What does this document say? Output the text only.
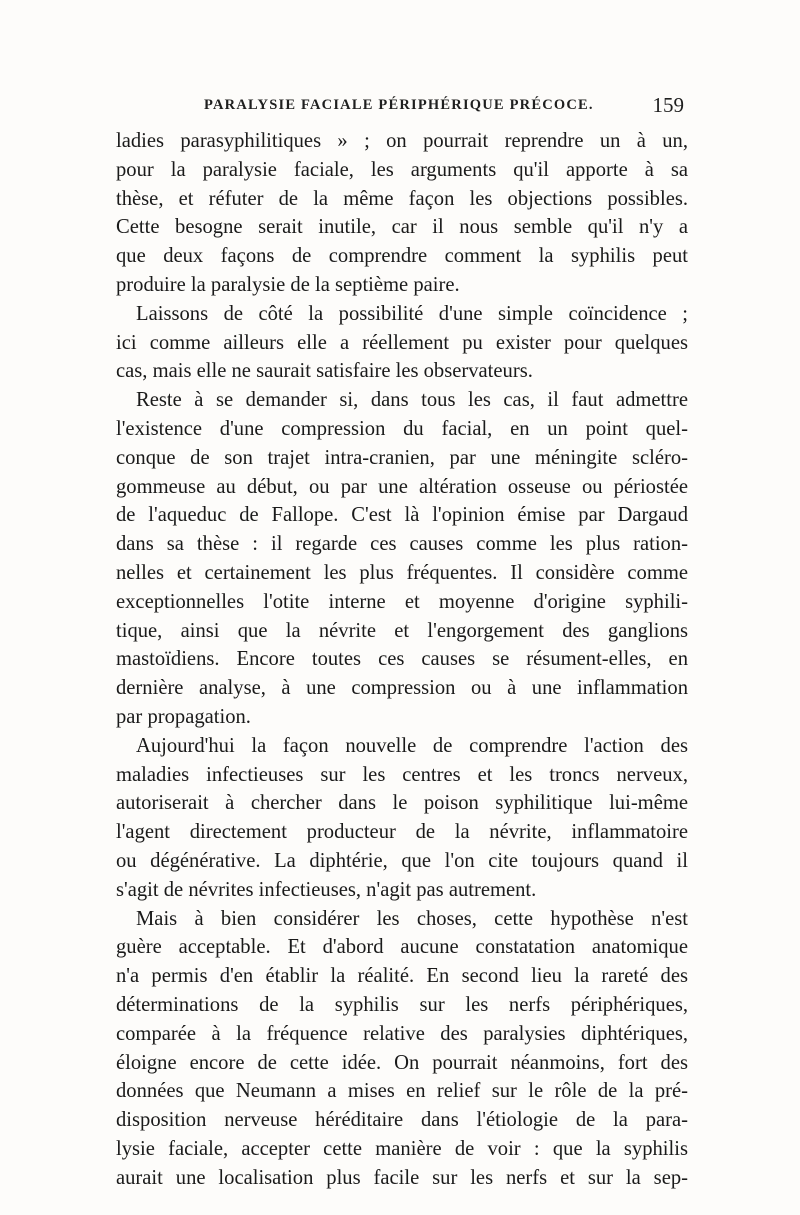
PARALYSIE FACIALE PÉRIPHÉRIQUE PRÉCOCE.	159
ladies parasyphilitiques » ; on pourrait reprendre un à un,
pour la paralysie faciale, les arguments qu'il apporte à sa
thèse, et réfuter de la même façon les objections possibles.
Cette besogne serait inutile, car il nous semble qu'il n'y a
que deux façons de comprendre comment la syphilis peut
produire la paralysie de la septième paire.
Laissons de côté la possibilité d'une simple coïncidence ;
ici comme ailleurs elle a réellement pu exister pour quelques
cas, mais elle ne saurait satisfaire les observateurs.
Reste à se demander si, dans tous les cas, il faut admettre
l'existence d'une compression du facial, en un point quel-
conque de son trajet intra-cranien, par une méningite scléro-
gommeuse au début, ou par une altération osseuse ou périostée
de l'aqueduc de Fallope. C'est là l'opinion émise par Dargaud
dans sa thèse : il regarde ces causes comme les plus ration-
nelles et certainement les plus fréquentes. Il considère comme
exceptionnelles l'otite interne et moyenne d'origine syphili-
tique, ainsi que la névrite et l'engorgement des ganglions
mastoïdiens. Encore toutes ces causes se résument-elles, en
dernière analyse, à une compression ou à une inflammation
par propagation.
Aujourd'hui la façon nouvelle de comprendre l'action des
maladies infectieuses sur les centres et les troncs nerveux,
autoriserait à chercher dans le poison syphilitique lui-même
l'agent directement producteur de la névrite, inflammatoire
ou dégénérative. La diphtérie, que l'on cite toujours quand il
s'agit de névrites infectieuses, n'agit pas autrement.
Mais à bien considérer les choses, cette hypothèse n'est
guère acceptable. Et d'abord aucune constatation anatomique
n'a permis d'en établir la réalité. En second lieu la rareté des
déterminations de la syphilis sur les nerfs périphériques,
comparée à la fréquence relative des paralysies diphtériques,
éloigne encore de cette idée. On pourrait néanmoins, fort des
données que Neumann a mises en relief sur le rôle de la pré-
disposition nerveuse héréditaire dans l'étiologie de la para-
lysie faciale, accepter cette manière de voir : que la syphilis
aurait une localisation plus facile sur les nerfs et sur la sep-
